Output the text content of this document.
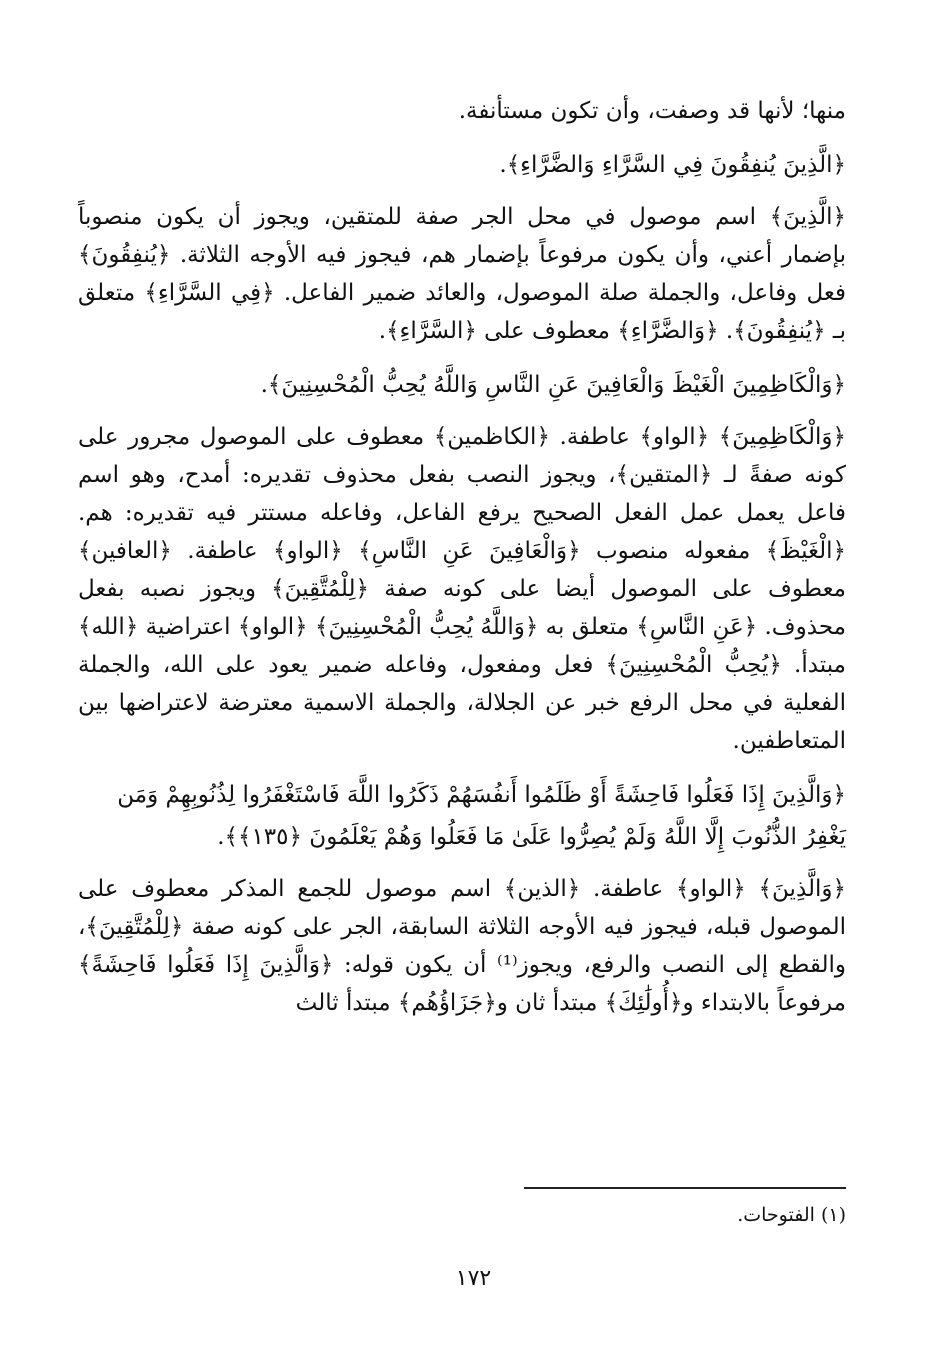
منها؛ لأنها قد وصفت، وأن تكون مستأنفة.

﴿الَّذِينَ يُنفِقُونَ فِي السَّرَّاءِ وَالضَّرَّاءِ﴾.

﴿الَّذِينَ﴾ اسم موصول في محل الجر صفة للمتقين، ويجوز أن يكون منصوباً بإضمار أعني، وأن يكون مرفوعاً بإضمار هم، فيجوز فيه الأوجه الثلاثة. ﴿يُنفِقُونَ﴾ فعل وفاعل، والجملة صلة الموصول، والعائد ضمير الفاعل. ﴿فِي السَّرَّاءِ﴾ متعلق بـ ﴿يُنفِقُونَ﴾. ﴿وَالضَّرَّاءِ﴾ معطوف على ﴿السَّرَّاءِ﴾.

﴿وَالْكَاظِمِينَ الْغَيْظَ وَالْعَافِينَ عَنِ النَّاسِ وَاللَّهُ يُحِبُّ الْمُحْسِنِينَ﴾.

﴿وَالْكَاظِمِينَ﴾ ﴿الواو﴾ عاطفة. ﴿الكاظمين﴾ معطوف على الموصول مجرور على كونه صفةً لـ ﴿المتقين﴾، ويجوز النصب بفعل محذوف تقديره: أمدح، وهو اسم فاعل يعمل عمل الفعل الصحيح يرفع الفاعل، وفاعله مستتر فيه تقديره: هم. ﴿الْغَيْظَ﴾ مفعوله منصوب ﴿وَالْعَافِينَ عَنِ النَّاسِ﴾ ﴿الواو﴾ عاطفة. ﴿العافين﴾ معطوف على الموصول أيضا على كونه صفة ﴿لِلْمُتَّقِينَ﴾ ويجوز نصبه بفعل محذوف. ﴿عَنِ النَّاسِ﴾ متعلق به ﴿وَاللَّهُ يُحِبُّ الْمُحْسِنِينَ﴾ ﴿الواو﴾ اعتراضية ﴿الله﴾ مبتدأ. ﴿يُحِبُّ الْمُحْسِنِينَ﴾ فعل ومفعول، وفاعله ضمير يعود على الله، والجملة الفعلية في محل الرفع خبر عن الجلالة، والجملة الاسمية معترضة لاعتراضها بين المتعاطفين.

﴿وَالَّذِينَ إِذَا فَعَلُوا فَاحِشَةً أَوْ ظَلَمُوا أَنفُسَهُمْ ذَكَرُوا اللَّهَ فَاسْتَغْفَرُوا لِذُنُوبِهِمْ وَمَن يَغْفِرُ الذُّنُوبَ إِلَّا اللَّهُ وَلَمْ يُصِرُّوا عَلَىٰ مَا فَعَلُوا وَهُمْ يَعْلَمُونَ ﴿١٣٥﴾﴾.

﴿وَالَّذِينَ﴾ ﴿الواو﴾ عاطفة. ﴿الذين﴾ اسم موصول للجمع المذكر معطوف على الموصول قبله، فيجوز فيه الأوجه الثلاثة السابقة، الجر على كونه صفة ﴿لِلْمُتَّقِينَ﴾، والقطع إلى النصب والرفع، ويجوز⁽¹⁾ أن يكون قوله: ﴿وَالَّذِينَ إِذَا فَعَلُوا فَاحِشَةً﴾ مرفوعاً بالابتداء و﴿أُولَٰئِكَ﴾ مبتدأ ثان و﴿جَزَاؤُهُم﴾ مبتدأ ثالث

(١) الفتوحات.
١٧٢
